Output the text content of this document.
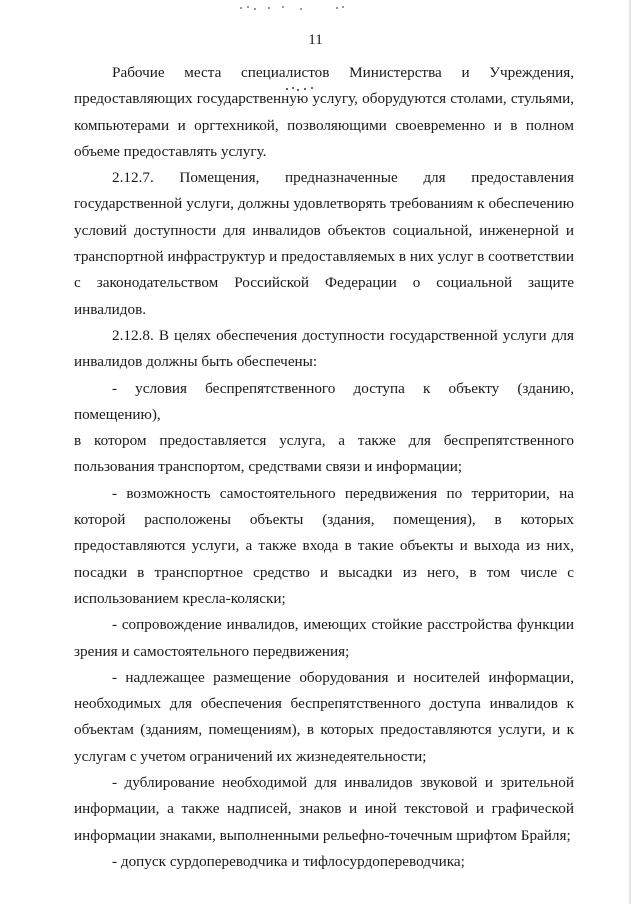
11
Рабочие места специалистов Министерства и Учреждения,
предоставляющих государственную услугу, оборудуются столами, стульями,
компьютерами и оргтехникой, позволяющими своевременно и в полном
объеме предоставлять услугу.
2.12.7. Помещения, предназначенные для предоставления
государственной услуги, должны удовлетворять требованиям к обеспечению
условий доступности для инвалидов объектов социальной, инженерной и
транспортной инфраструктур и предоставляемых в них услуг в соответствии
с законодательством Российской Федерации о социальной защите инвалидов.
2.12.8. В целях обеспечения доступности государственной услуги для
инвалидов должны быть обеспечены:
- условия беспрепятственного доступа к объекту (зданию, помещению),
в котором предоставляется услуга, а также для беспрепятственного
пользования транспортом, средствами связи и информации;
- возможность самостоятельного передвижения по территории, на
которой расположены объекты (здания, помещения), в которых
предоставляются услуги, а также входа в такие объекты и выхода из них,
посадки в транспортное средство и высадки из него, в том числе с
использованием кресла-коляски;
- сопровождение инвалидов, имеющих стойкие расстройства функции
зрения и самостоятельного передвижения;
- надлежащее размещение оборудования и носителей информации,
необходимых для обеспечения беспрепятственного доступа инвалидов к
объектам (зданиям, помещениям), в которых предоставляются услуги, и к
услугам с учетом ограничений их жизнедеятельности;
- дублирование необходимой для инвалидов звуковой и зрительной
информации, а также надписей, знаков и иной текстовой и графической
информации знаками, выполненными рельефно-точечным шрифтом Брайля;
- допуск сурдопереводчика и тифлосурдопереводчика;
